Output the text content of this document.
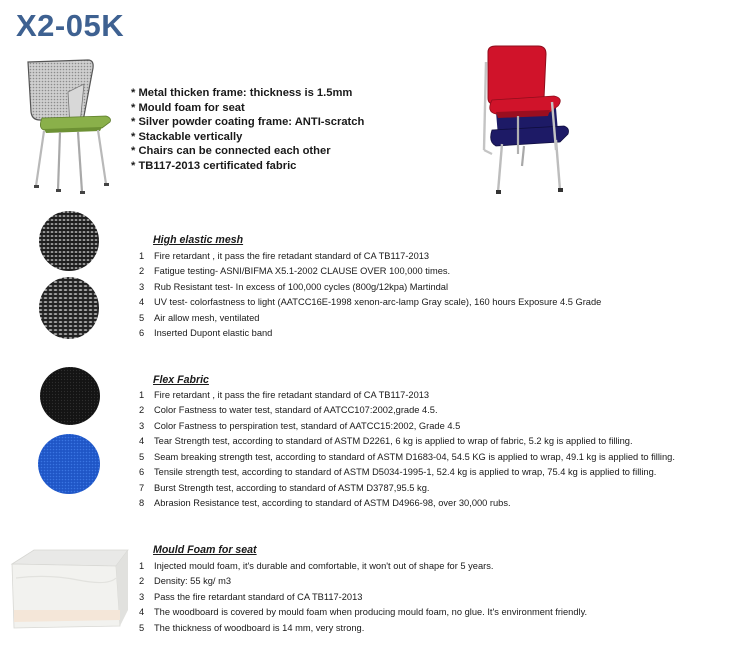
X2-05K
* Metal thicken frame: thickness is 1.5mm
* Mould foam for seat
* Silver powder coating frame: ANTI-scratch
* Stackable vertically
* Chairs can be connected each other
* TB117-2013 certificated fabric

High elastic mesh

1	Fire retardant , it pass the fire retadant standard of CA TB117-2013
2	Fatigue testing- ASNI/BIFMA X5.1-2002 CLAUSE OVER 100,000 times.
3	Rub Resistant test- In excess of 100,000 cycles (800g/12kpa) Martindal
4	UV test- colorfastness to light (AATCC16E-1998 xenon-arc-lamp Gray scale), 160 hours Exposure 4.5 Grade
5	Air allow mesh, ventilated
6	Inserted Dupont elastic band

Flex Fabric

1	Fire retardant , it pass the fire retadant standard of CA TB117-2013
2	Color Fastness to water test, standard of AATCC107:2002,grade 4.5.
3	Color Fastness to perspiration test, standard of AATCC15:2002, Grade 4.5
4	Tear Strength test, according to standard of ASTM D2261, 6 kg is applied to wrap of fabric, 5.2 kg is applied to filling.
5	Seam breaking strength test, according to standard of ASTM D1683-04, 54.5 KG is applied to wrap, 49.1 kg is applied to filling.
6	Tensile strength test, according to standard of ASTM D5034-1995-1, 52.4 kg is applied to wrap, 75.4 kg is applied to filling.
7	Burst Strength test, according to standard of ASTM D3787,95.5 kg.
8	Abrasion Resistance test, according to standard of ASTM D4966-98, over 30,000 rubs.

Mould Foam for seat

1	Injected mould foam, it's durable and comfortable, it won't out of shape for 5 years.
2	Density: 55 kg/ m3
3	Pass the fire retardant standard of CA TB117-2013
4	The woodboard is covered by mould foam when producing mould foam, no glue. It's environment friendly.
5	The thickness of woodboard is 14 mm, very strong.
